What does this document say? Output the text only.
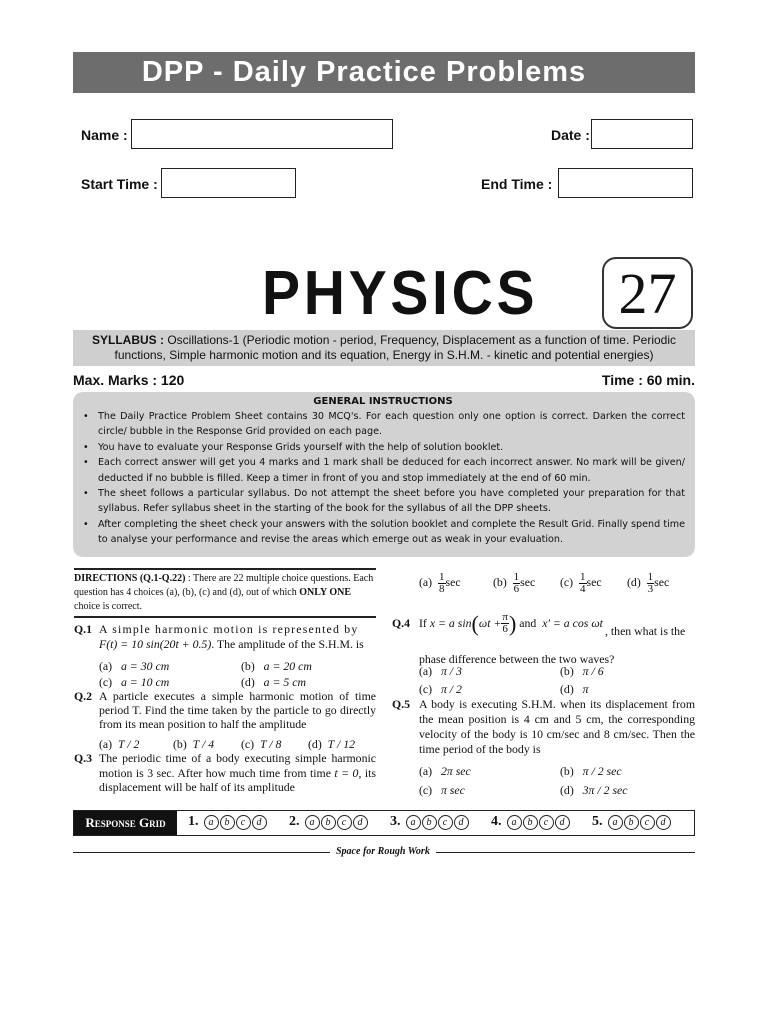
DPP - Daily Practice Problems
Name :	Date :
Start Time :	End Time :
PHYSICS 27
SYLLABUS : Oscillations-1 (Periodic motion - period, Frequency, Displacement as a function of time. Periodic functions, Simple harmonic motion and its equation, Energy in S.H.M. - kinetic and potential energies)
Max. Marks : 120	Time : 60 min.
GENERAL INSTRUCTIONS
• The Daily Practice Problem Sheet contains 30 MCQ's. For each question only one option is correct. Darken the correct circle/ bubble in the Response Grid provided on each page.
• You have to evaluate your Response Grids yourself with the help of solution booklet.
• Each correct answer will get you 4 marks and 1 mark shall be deduced for each incorrect answer. No mark will be given/ deducted if no bubble is filled. Keep a timer in front of you and stop immediately at the end of 60 min.
• The sheet follows a particular syllabus. Do not attempt the sheet before you have completed your preparation for that syllabus. Refer syllabus sheet in the starting of the book for the syllabus of all the DPP sheets.
• After completing the sheet check your answers with the solution booklet and complete the Result Grid. Finally spend time to analyse your performance and revise the areas which emerge out as weak in your evaluation.
DIRECTIONS (Q.1-Q.22) : There are 22 multiple choice questions. Each question has 4 choices (a), (b), (c) and (d), out of which ONLY ONE choice is correct.
Q.1 A simple harmonic motion is represented by
F(t) = 10 sin(20t + 0.5). The amplitude of the S.H.M. is
(a) a = 30 cm	(b) a = 20 cm
(c) a = 10 cm	(d) a = 5 cm
Q.2 A particle executes a simple harmonic motion of time period T. Find the time taken by the particle to go directly from its mean position to half the amplitude
(a) T / 2	(b) T / 4 (c) T / 8 (d) T / 12
Q.3 The periodic time of a body executing simple harmonic motion is 3 sec. After how much time from time t = 0, its displacement will be half of its amplitude
$(a) \frac{1}{8}$ sec	$(b) \frac{1}{6}$ $\sec (c) \frac{1}{4}$ $\sec (d) \frac{1}{3}$ sec
Q.4 If
x = a sin ( $\omega t + \frac{\pi}{6}$ )
and
x' = a cos ωt
, then what is the phase difference between the two waves?
(a) π / 3	(b) π / 6
(c) π / 2	(d) π
Q.5 A body is executing S.H.M. when its displacement from the mean position is 4 cm and 5 cm, the corresponding velocity of the body is 10 cm/sec and 8 cm/sec. Then the time period of the body is
(a) 2π sec	(b) π / 2 sec
(c) π sec	(d) 3π / 2 sec
Response Grid	1.	a	b	c	d	2.	a	b	c	d	3.	a	b	c	d	4.	a	b	c	d	5.	a	b	c	d
Space for Rough Work
